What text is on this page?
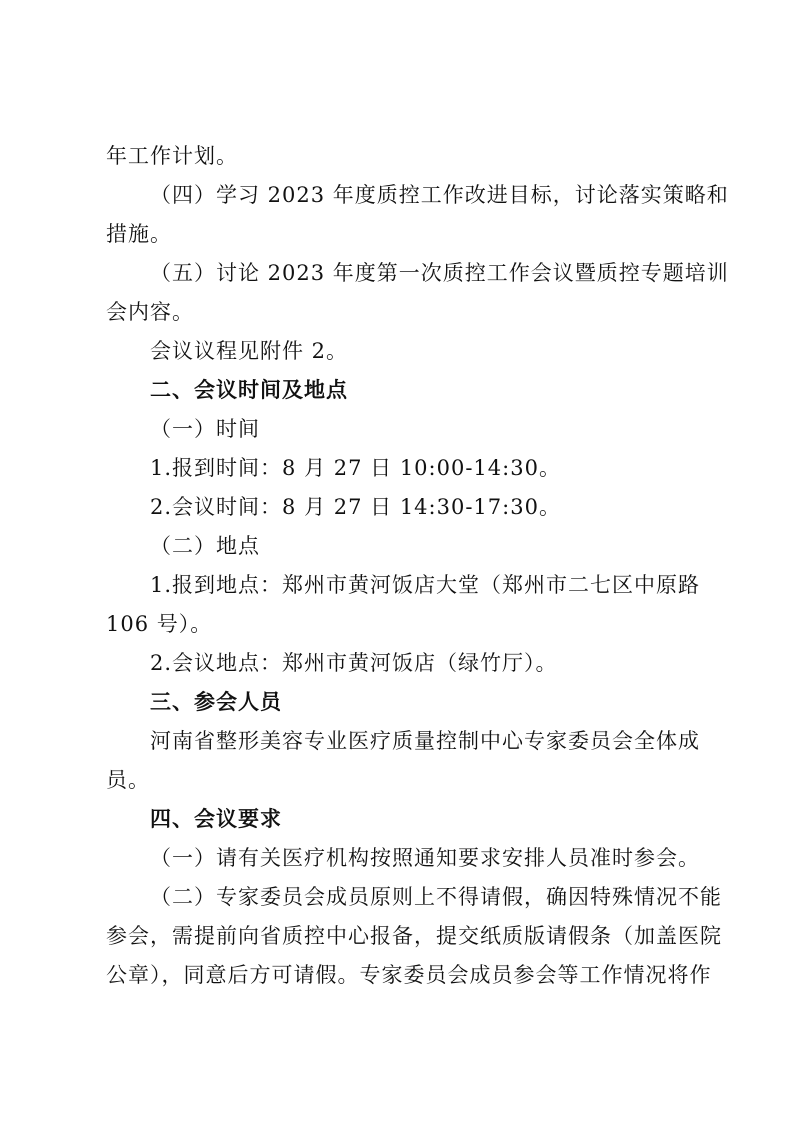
年工作计划。
（四）学习 2023 年度质控工作改进目标，讨论落实策略和
措施。
（五）讨论 2023 年度第一次质控工作会议暨质控专题培训
会内容。
会议议程见附件 2。
二、会议时间及地点
（一）时间
1.报到时间：8 月 27 日 10:00-14:30。
2.会议时间：8 月 27 日 14:30-17:30。
（二）地点
1.报到地点：郑州市黄河饭店大堂（郑州市二七区中原路
106 号）。
2.会议地点：郑州市黄河饭店（绿竹厅）。
三、参会人员
河南省整形美容专业医疗质量控制中心专家委员会全体成
员。
四、会议要求
（一）请有关医疗机构按照通知要求安排人员准时参会。
（二）专家委员会成员原则上不得请假，确因特殊情况不能
参会，需提前向省质控中心报备，提交纸质版请假条（加盖医院
公章），同意后方可请假。专家委员会成员参会等工作情况将作
